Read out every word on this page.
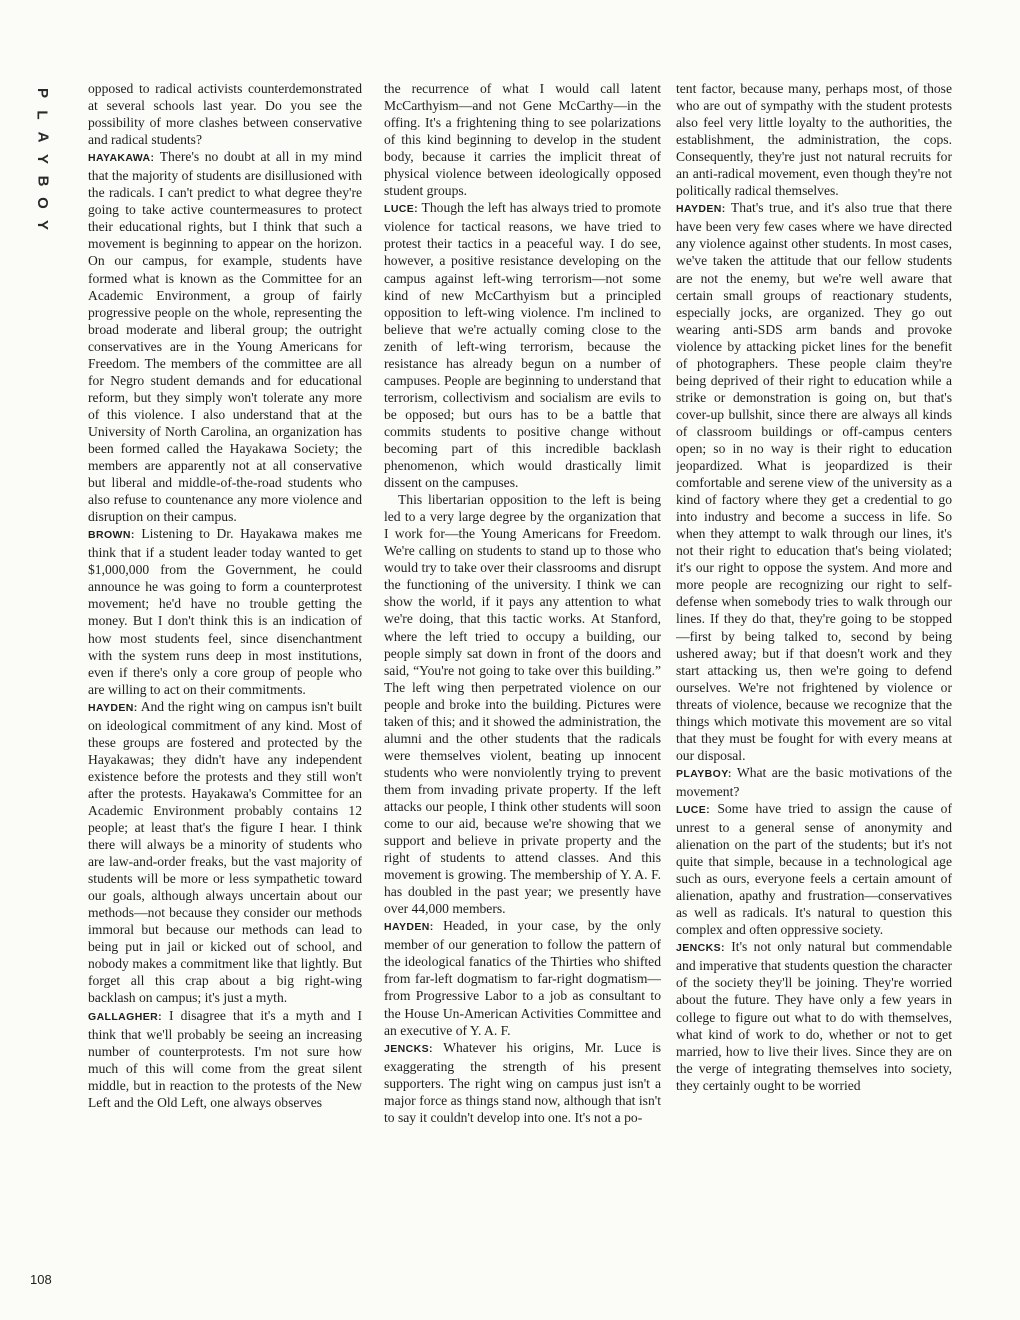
P
L
A
Y
B
O
Y
108

opposed to radical activists counterdemonstrated at several schools last year. Do you see the possibility of more clashes between conservative and radical students?

HAYAKAWA: There's no doubt at all in my mind that the majority of students are disillusioned with the radicals. I can't predict to what degree they're going to take active countermeasures to protect their educational rights, but I think that such a movement is beginning to appear on the horizon. On our campus, for example, students have formed what is known as the Committee for an Academic Environment, a group of fairly progressive people on the whole, representing the broad moderate and liberal group; the outright conservatives are in the Young Americans for Freedom. The members of the committee are all for Negro student demands and for educational reform, but they simply won't tolerate any more of this violence. I also understand that at the University of North Carolina, an organization has been formed called the Hayakawa Society; the members are apparently not at all conservative but liberal and middle-of-the-road students who also refuse to countenance any more violence and disruption on their campus.

BROWN: Listening to Dr. Hayakawa makes me think that if a student leader today wanted to get $1,000,000 from the Government, he could announce he was going to form a counterprotest movement; he'd have no trouble getting the money. But I don't think this is an indication of how most students feel, since disenchantment with the system runs deep in most institutions, even if there's only a core group of people who are willing to act on their commitments.

HAYDEN: And the right wing on campus isn't built on ideological commitment of any kind. Most of these groups are fostered and protected by the Hayakawas; they didn't have any independent existence before the protests and they still won't after the protests. Hayakawa's Committee for an Academic Environment probably contains 12 people; at least that's the figure I hear. I think there will always be a minority of students who are law-and-order freaks, but the vast majority of students will be more or less sympathetic toward our goals, although always uncertain about our methods—not because they consider our methods immoral but because our methods can lead to being put in jail or kicked out of school, and nobody makes a commitment like that lightly. But forget all this crap about a big right-wing backlash on campus; it's just a myth.

GALLAGHER: I disagree that it's a myth and I think that we'll probably be seeing an increasing number of counterprotests. I'm not sure how much of this will come from the great silent middle, but in reaction to the protests of the New Left and the Old Left, one always observes

the recurrence of what I would call latent McCarthyism—and not Gene McCarthy—in the offing. It's a frightening thing to see polarizations of this kind beginning to develop in the student body, because it carries the implicit threat of physical violence between ideologically opposed student groups.

LUCE: Though the left has always tried to promote violence for tactical reasons, we have tried to protest their tactics in a peaceful way. I do see, however, a positive resistance developing on the campus against left-wing terrorism—not some kind of new McCarthyism but a principled opposition to left-wing violence. I'm inclined to believe that we're actually coming close to the zenith of left-wing terrorism, because the resistance has already begun on a number of campuses. People are beginning to understand that terrorism, collectivism and socialism are evils to be opposed; but ours has to be a battle that commits students to positive change without becoming part of this incredible backlash phenomenon, which would drastically limit dissent on the campuses.

This libertarian opposition to the left is being led to a very large degree by the organization that I work for—the Young Americans for Freedom. We're calling on students to stand up to those who would try to take over their classrooms and disrupt the functioning of the university. I think we can show the world, if it pays any attention to what we're doing, that this tactic works. At Stanford, where the left tried to occupy a building, our people simply sat down in front of the doors and said, “You're not going to take over this building.” The left wing then perpetrated violence on our people and broke into the building. Pictures were taken of this; and it showed the administration, the alumni and the other students that the radicals were themselves violent, beating up innocent students who were nonviolently trying to prevent them from invading private property. If the left attacks our people, I think other students will soon come to our aid, because we're showing that we support and believe in private property and the right of students to attend classes. And this movement is growing. The membership of Y. A. F. has doubled in the past year; we presently have over 44,000 members.

HAYDEN: Headed, in your case, by the only member of our generation to follow the pattern of the ideological fanatics of the Thirties who shifted from far-left dogmatism to far-right dogmatism—from Progressive Labor to a job as consultant to the House Un-American Activities Committee and an executive of Y. A. F.

JENCKS: Whatever his origins, Mr. Luce is exaggerating the strength of his present supporters. The right wing on campus just isn't a major force as things stand now, although that isn't to say it couldn't develop into one. It's not a po-

tent factor, because many, perhaps most, of those who are out of sympathy with the student protests also feel very little loyalty to the authorities, the establishment, the administration, the cops. Consequently, they're just not natural recruits for an anti-radical movement, even though they're not politically radical themselves.

HAYDEN: That's true, and it's also true that there have been very few cases where we have directed any violence against other students. In most cases, we've taken the attitude that our fellow students are not the enemy, but we're well aware that certain small groups of reactionary students, especially jocks, are organized. They go out wearing anti-SDS arm bands and provoke violence by attacking picket lines for the benefit of photographers. These people claim they're being deprived of their right to education while a strike or demonstration is going on, but that's cover-up bullshit, since there are always all kinds of classroom buildings or off-campus centers open; so in no way is their right to education jeopardized. What is jeopardized is their comfortable and serene view of the university as a kind of factory where they get a credential to go into industry and become a success in life. So when they attempt to walk through our lines, it's not their right to education that's being violated; it's our right to oppose the system. And more and more people are recognizing our right to self-defense when somebody tries to walk through our lines. If they do that, they're going to be stopped—first by being talked to, second by being ushered away; but if that doesn't work and they start attacking us, then we're going to defend ourselves. We're not frightened by violence or threats of violence, because we recognize that the things which motivate this movement are so vital that they must be fought for with every means at our disposal.

PLAYBOY: What are the basic motivations of the movement?

LUCE: Some have tried to assign the cause of unrest to a general sense of anonymity and alienation on the part of the students; but it's not quite that simple, because in a technological age such as ours, everyone feels a certain amount of alienation, apathy and frustration—conservatives as well as radicals. It's natural to question this complex and often oppressive society.

JENCKS: It's not only natural but commendable and imperative that students question the character of the society they'll be joining. They're worried about the future. They have only a few years in college to figure out what to do with themselves, what kind of work to do, whether or not to get married, how to live their lives. Since they are on the verge of integrating themselves into society, they certainly ought to be worried
